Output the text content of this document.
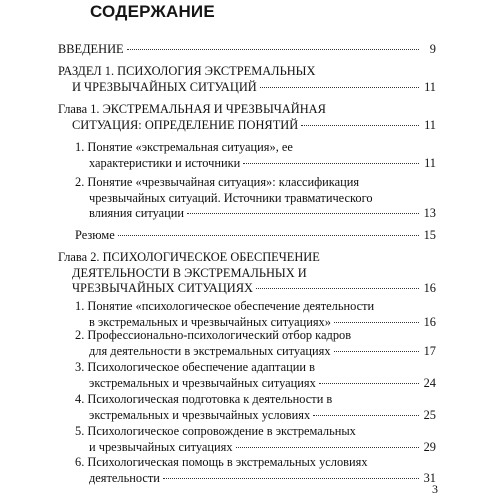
СОДЕРЖАНИЕ
ВВЕДЕНИЕ	9
РАЗДЕЛ 1. ПСИХОЛОГИЯ ЭКСТРЕМАЛЬНЫХ
И ЧРЕЗВЫЧАЙНЫХ СИТУАЦИЙ	11
Глава 1. ЭКСТРЕМАЛЬНАЯ И ЧРЕЗВЫЧАЙНАЯ
СИТУАЦИЯ: ОПРЕДЕЛЕНИЕ ПОНЯТИЙ	11
1. Понятие «экстремальная ситуация», ее
характеристики и источники	11
2. Понятие «чрезвычайная ситуация»: классификация
чрезвычайных ситуаций. Источники травматического
влияния ситуации	13
Резюме	15
Глава 2. ПСИХОЛОГИЧЕСКОЕ ОБЕСПЕЧЕНИЕ
ДЕЯТЕЛЬНОСТИ В ЭКСТРЕМАЛЬНЫХ И
ЧРЕЗВЫЧАЙНЫХ СИТУАЦИЯХ	16
1. Понятие «психологическое обеспечение деятельности
в экстремальных и чрезвычайных ситуациях»	16
2. Профессионально-психологический отбор кадров
для деятельности в экстремальных ситуациях	17
3. Психологическое обеспечение адаптации в
экстремальных и чрезвычайных ситуациях	24
4. Психологическая подготовка к деятельности в
экстремальных и чрезвычайных условиях	25
5. Психологическое сопровождение в экстремальных
и чрезвычайных ситуациях	29
6. Психологическая помощь в экстремальных условиях
деятельности	31
3
